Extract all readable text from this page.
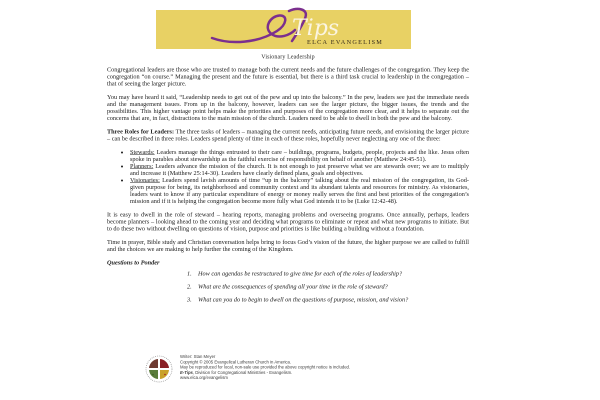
Tips
ELCA EVANGELISM
Visionary Leadership

Congregational leaders are those who are trusted to manage both the current needs and the future challenges of the congregation. They keep the congregation “on course.” Managing the present and the future is essential, but there is a third task crucial to leadership in the congregation – that of seeing the larger picture.

You may have heard it said, “Leadership needs to get out of the pew and up into the balcony.” In the pew, leaders see just the immediate needs and the management issues. From up in the balcony, however, leaders can see the larger picture, the bigger issues, the trends and the possibilities. This higher vantage point helps make the priorities and purposes of the congregation more clear, and it helps to separate out the concerns that are, in fact, distractions to the main mission of the church. Leaders need to be able to dwell in both the pew and the balcony.

Three Roles for Leaders: The three tasks of leaders – managing the current needs, anticipating future needs, and envisioning the larger picture – can be described in three roles. Leaders spend plenty of time in each of these roles, hopefully never neglecting any one of the three:

• Stewards: Leaders manage the things entrusted to their care – buildings, programs, budgets, people, projects and the like. Jesus often spoke in parables about stewardship as the faithful exercise of responsibility on behalf of another (Matthew 24:45-51).
• Planners: Leaders advance the mission of the church. It is not enough to just preserve what we are stewards over; we are to multiply and increase it (Matthew 25:14-30). Leaders have clearly defined plans, goals and objectives.
• Visionaries: Leaders spend lavish amounts of time “up in the balcony” talking about the real mission of the congregation, its God-given purpose for being, its neighborhood and community context and its abundant talents and resources for ministry. As visionaries, leaders want to know if any particular expenditure of energy or money really serves the first and best priorities of the congregation’s mission and if it is helping the congregation become more fully what God intends it to be (Luke 12:42-48).

It is easy to dwell in the role of steward – hearing reports, managing problems and overseeing programs. Once annually, perhaps, leaders become planners – looking ahead to the coming year and deciding what programs to eliminate or repeat and what new programs to initiate. But to do these two without dwelling on questions of vision, purpose and priorities is like building a building without a foundation.

Time in prayer, Bible study and Christian conversation helps bring to focus God’s vision of the future, the higher purpose we are called to fulfill and the choices we are making to help further the coming of the Kingdom.

Questions to Ponder
1. How can agendas be restructured to give time for each of the roles of leadership?
2. What are the consequences of spending all your time in the role of steward?
3. What can you do to begin to dwell on the questions of purpose, mission, and vision?
Writer: Stan Meyer
Copyright © 2005 Evangelical Lutheran Church in America.
May be reproduced for local, non-sale use provided the above copyright notice is included.
E-Tips, Division for Congregational Ministries - Evangelism.
www.elca.org/evangelism
